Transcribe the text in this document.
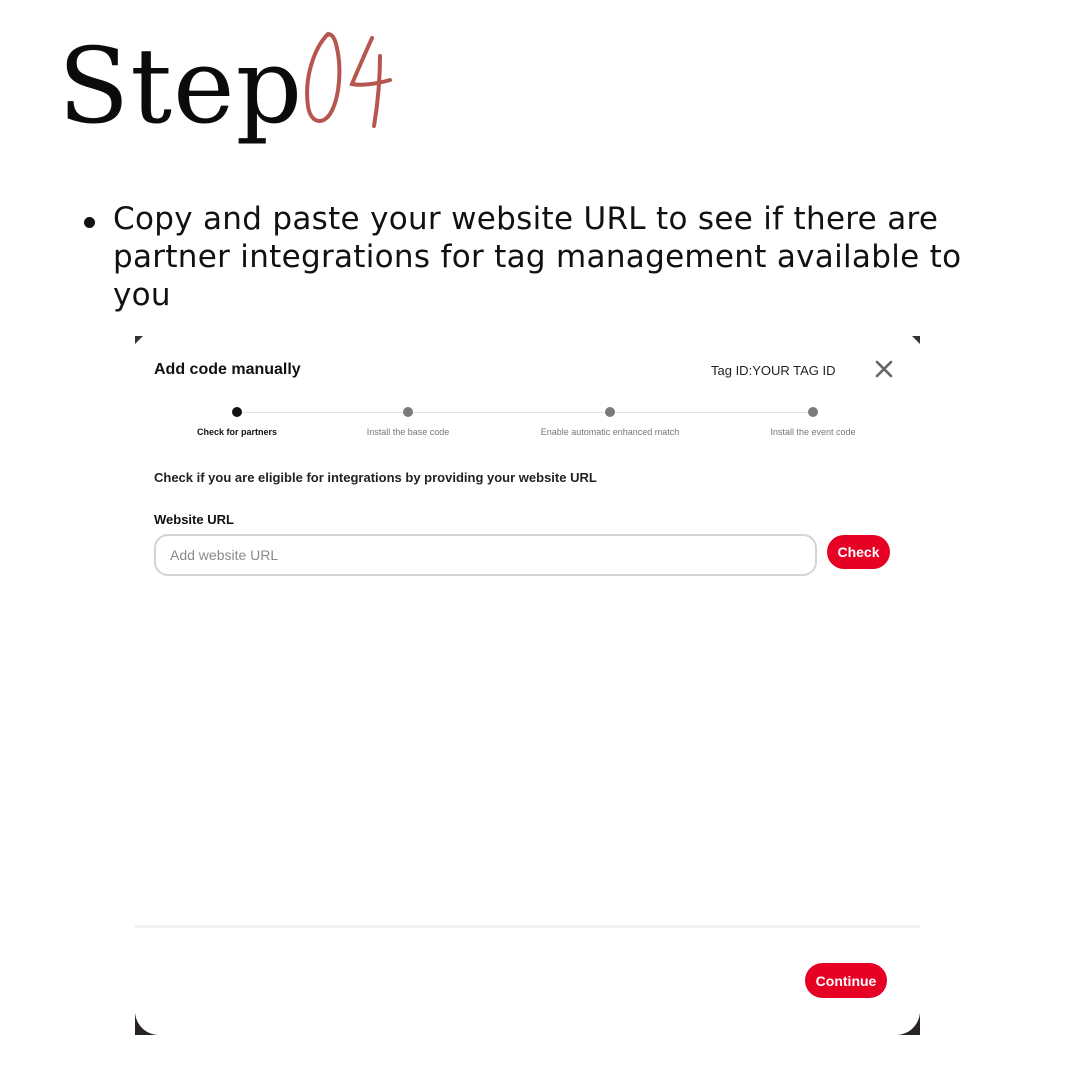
Step

Copy and paste your website URL to see if there are partner integrations for tag management available to you

Add code manually	Tag ID: YOUR TAG ID
Check for partners	Install the base code	Enable automatic enhanced match	Install the event code
Check if you are eligible for integrations by providing your website URL
Website URL
Add website URL
Check
Continue
